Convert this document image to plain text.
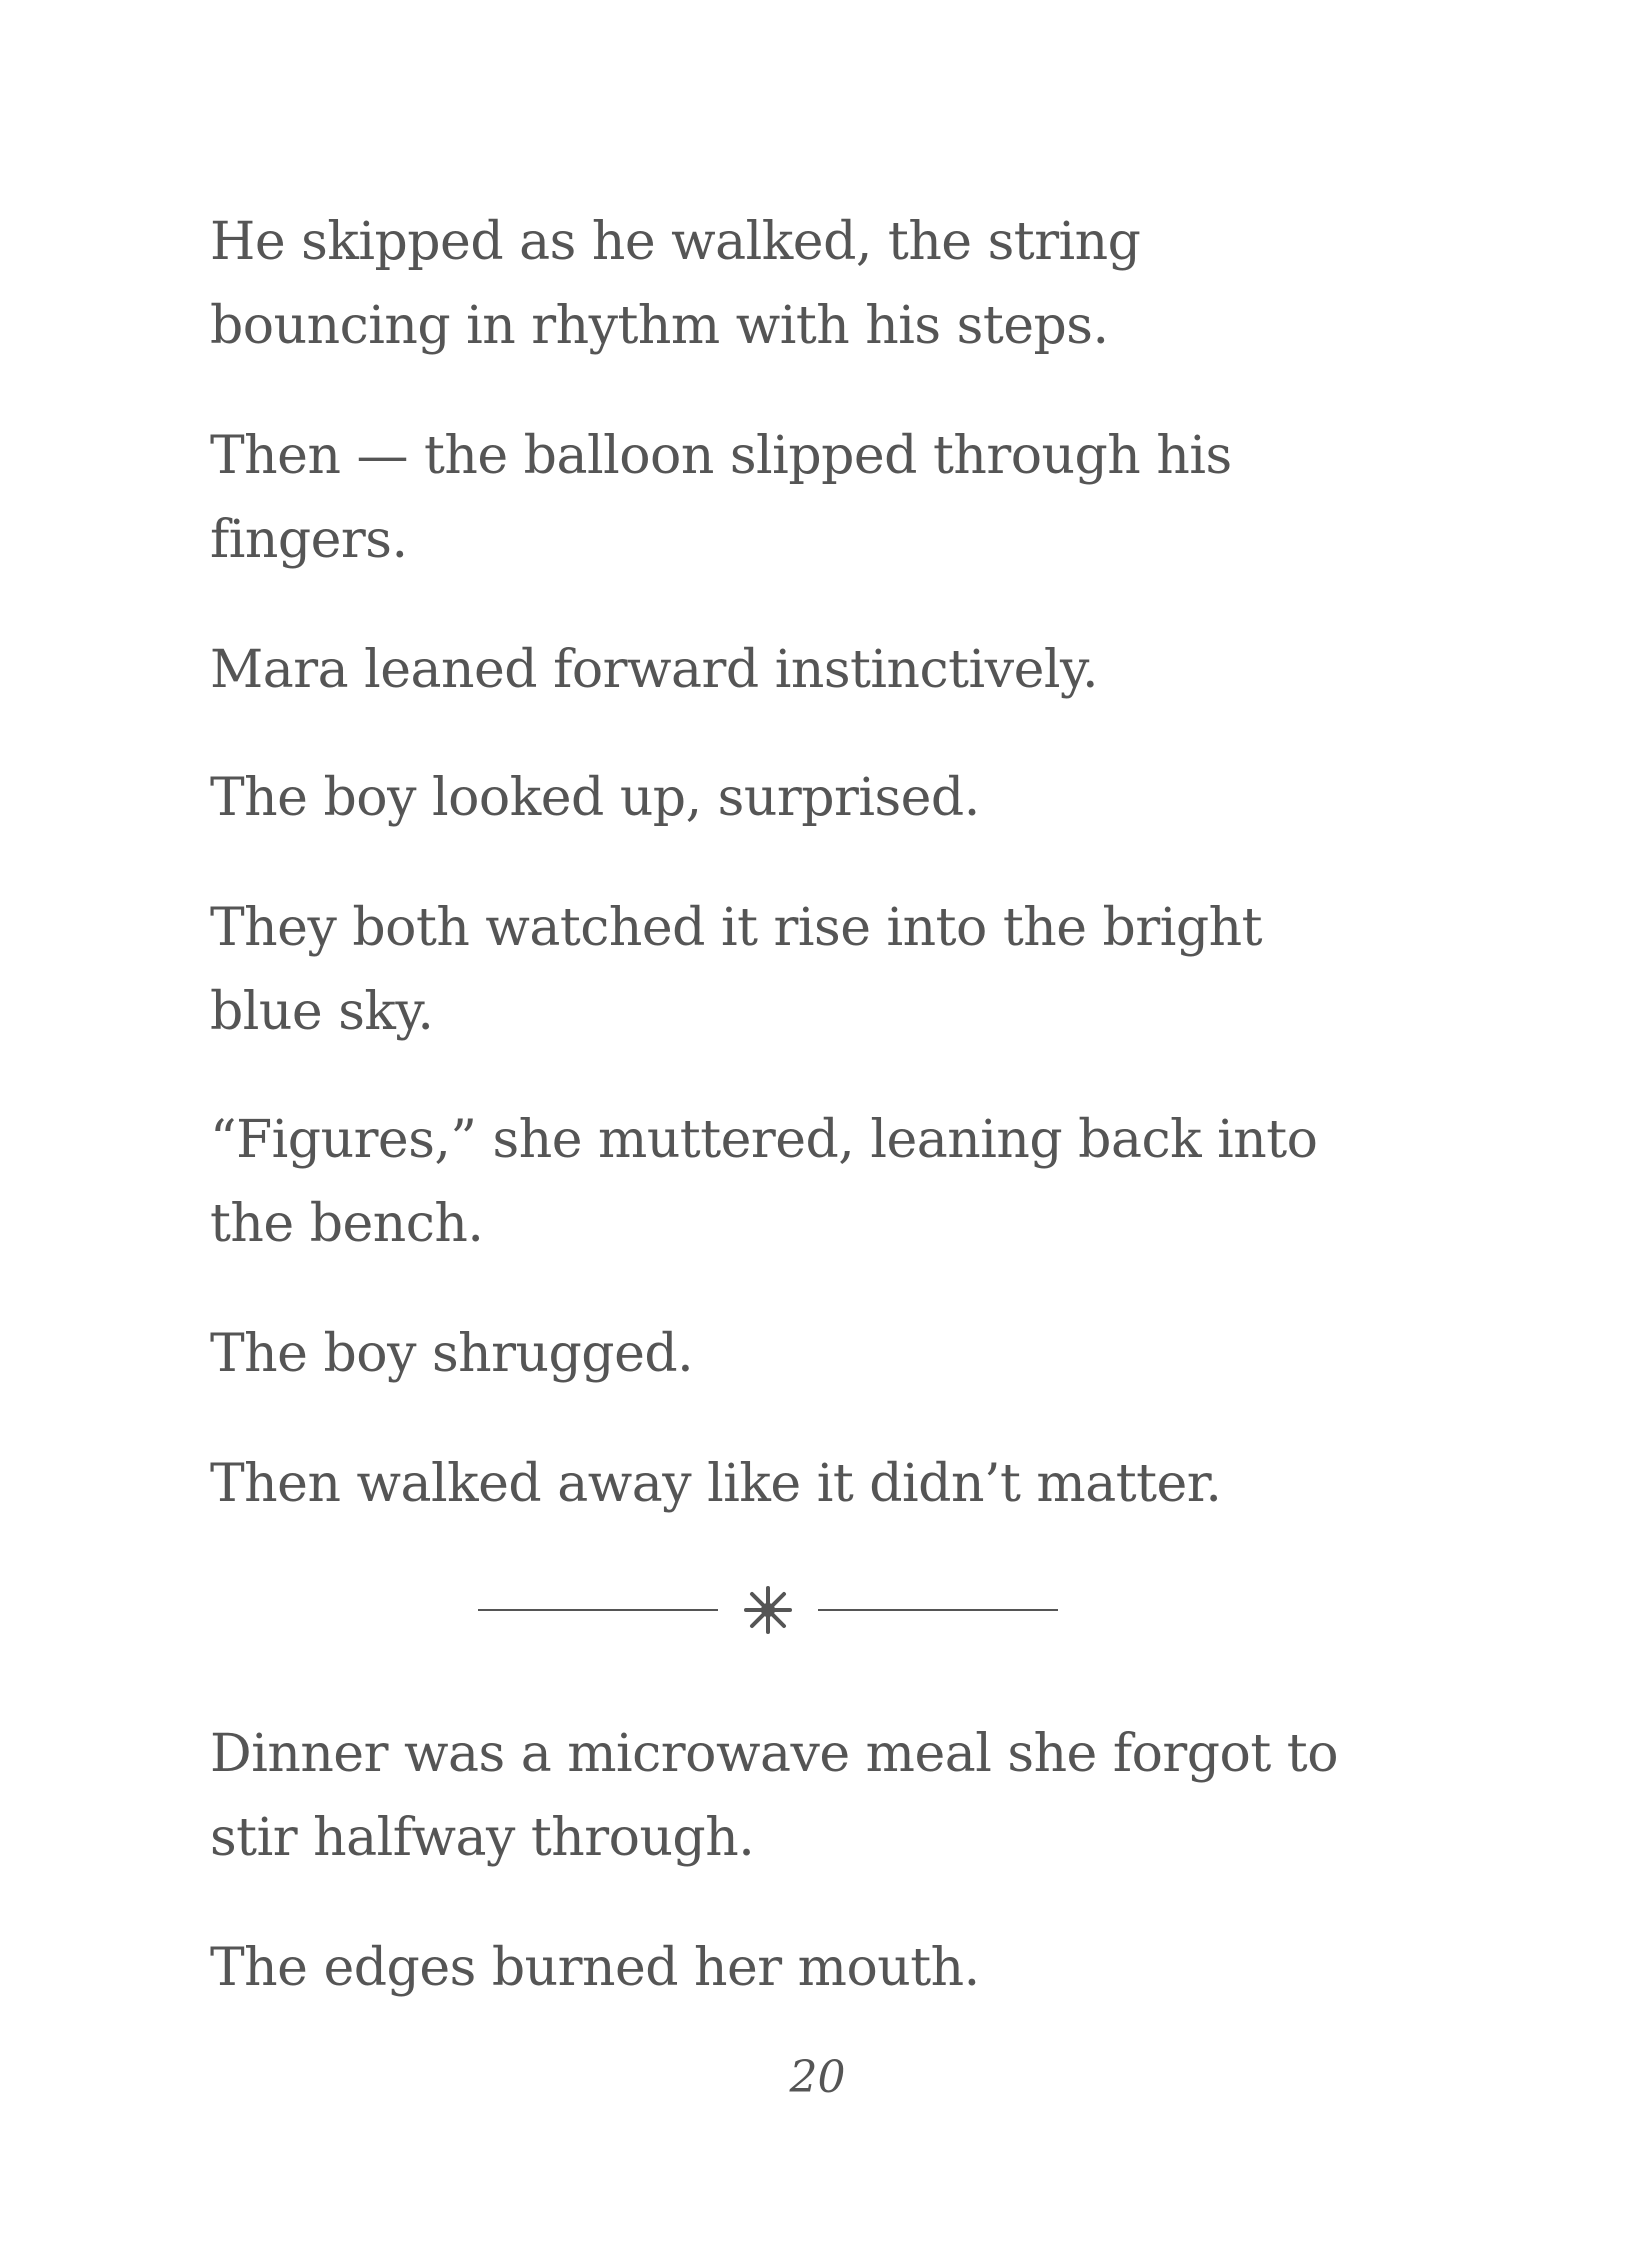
He skipped as he walked, the string bouncing in rhythm with his steps.

Then — the balloon slipped through his fingers.

Mara leaned forward instinctively.

The boy looked up, surprised.

They both watched it rise into the bright blue sky.

“Figures,” she muttered, leaning back into the bench.

The boy shrugged.

Then walked away like it didn’t matter.

Dinner was a microwave meal she forgot to stir halfway through.

The edges burned her mouth.

20
